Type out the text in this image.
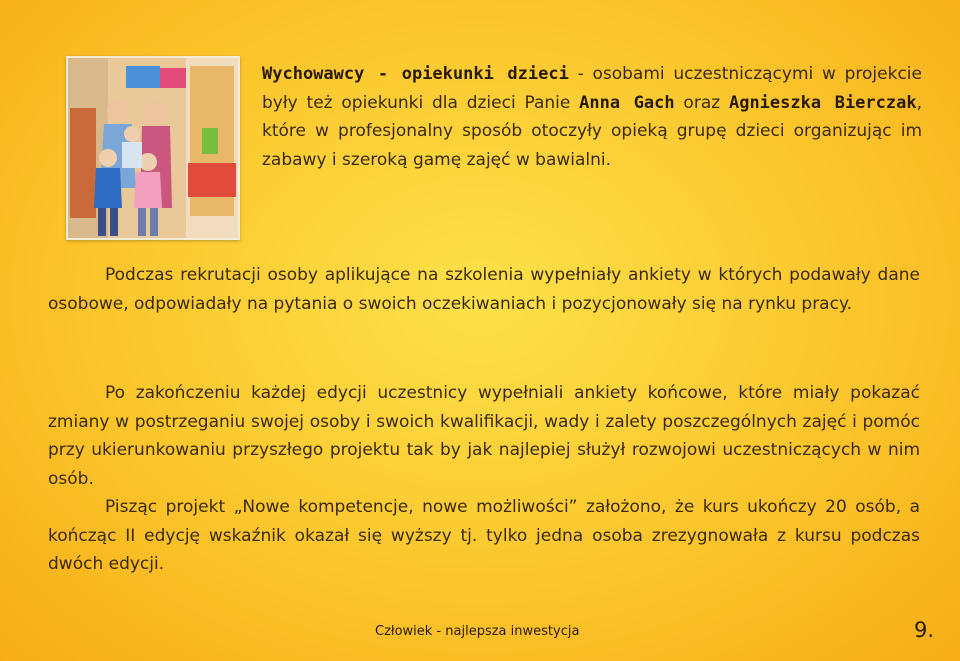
Wychowawcy - opiekunki dzieci - osobami uczestniczącymi w projekcie były też opiekunki dla dzieci Panie Anna Gach oraz Agnieszka Bierczak, które w profesjonalny sposób otoczyły opieką grupę dzieci organizując im zabawy i szeroką gamę zajęć w bawialni.

Podczas rekrutacji osoby aplikujące na szkolenia wypełniały ankiety w których podawały dane osobowe, odpowiadały na pytania o swoich oczekiwaniach i pozycjonowały się na rynku pracy.

Po zakończeniu każdej edycji uczestnicy wypełniali ankiety końcowe, które miały pokazać zmiany w postrzeganiu swojej osoby i swoich kwalifikacji, wady i zalety poszczególnych zajęć i pomóc przy ukierunkowaniu przyszłego projektu tak by jak najlepiej służył rozwojowi uczestniczących w nim osób.
Pisząc projekt „Nowe kompetencje, nowe możliwości” założono, że kurs ukończy 20 osób, a kończąc II edycję wskaźnik okazał się wyższy tj. tylko jedna osoba zrezygnowała z kursu podczas dwóch edycji.
Człowiek - najlepsza inwestycja	9.
